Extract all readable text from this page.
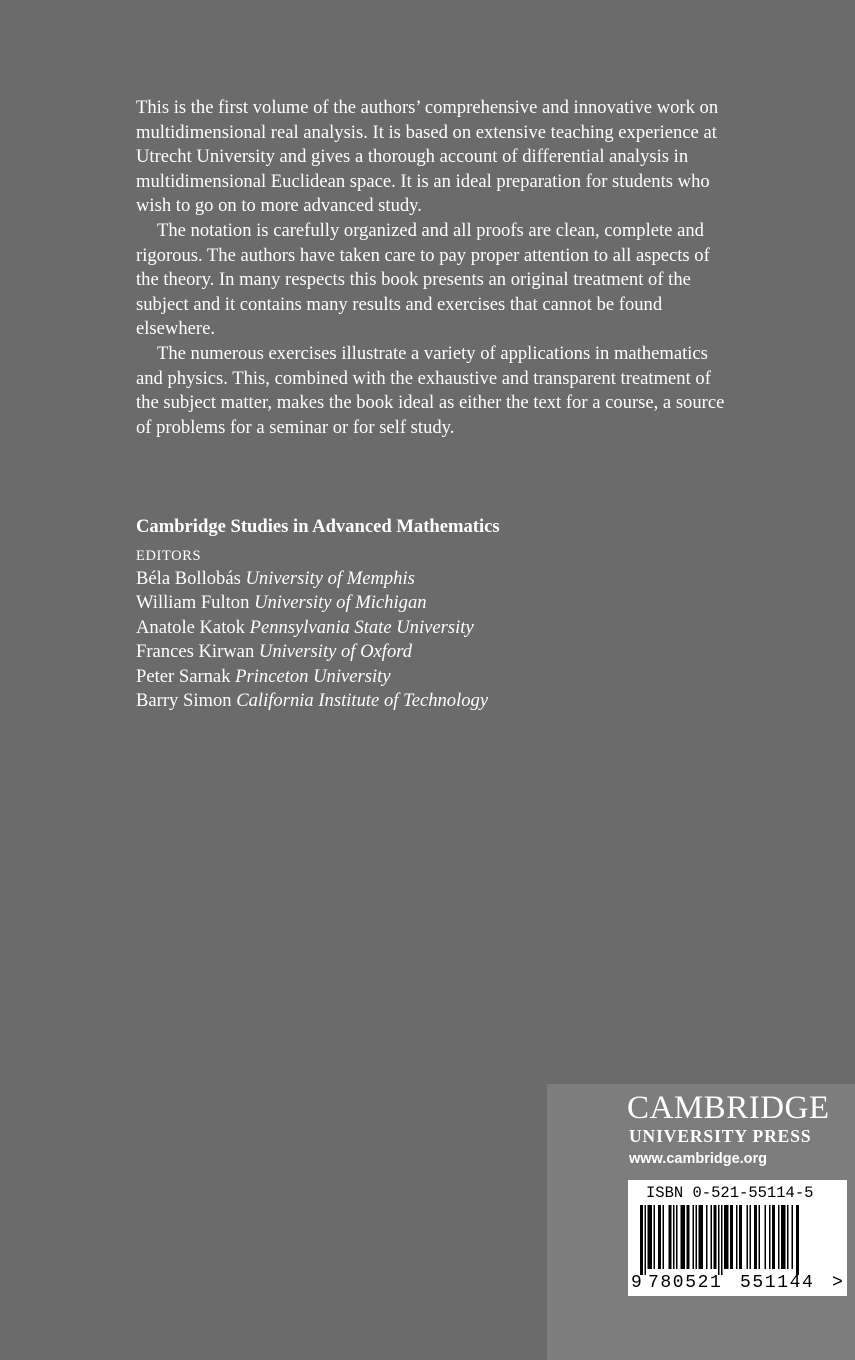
This is the first volume of the authors’ comprehensive and innovative work on multidimensional real analysis. It is based on extensive teaching experience at Utrecht University and gives a thorough account of differential analysis in multidimensional Euclidean space. It is an ideal preparation for students who wish to go on to more advanced study.

The notation is carefully organized and all proofs are clean, complete and rigorous. The authors have taken care to pay proper attention to all aspects of the theory. In many respects this book presents an original treatment of the subject and it contains many results and exercises that cannot be found elsewhere.

The numerous exercises illustrate a variety of applications in mathematics and physics. This, combined with the exhaustive and transparent treatment of the subject matter, makes the book ideal as either the text for a course, a source of problems for a seminar or for self study.

Cambridge Studies in Advanced Mathematics
EDITORS
Béla Bollobás University of Memphis
William Fulton University of Michigan
Anatole Katok Pennsylvania State University
Frances Kirwan University of Oxford
Peter Sarnak Princeton University
Barry Simon California Institute of Technology
CAMBRIDGE
UNIVERSITY PRESS
www.cambridge.org
ISBN 0-521-55114-5
9 780521 551144 >
